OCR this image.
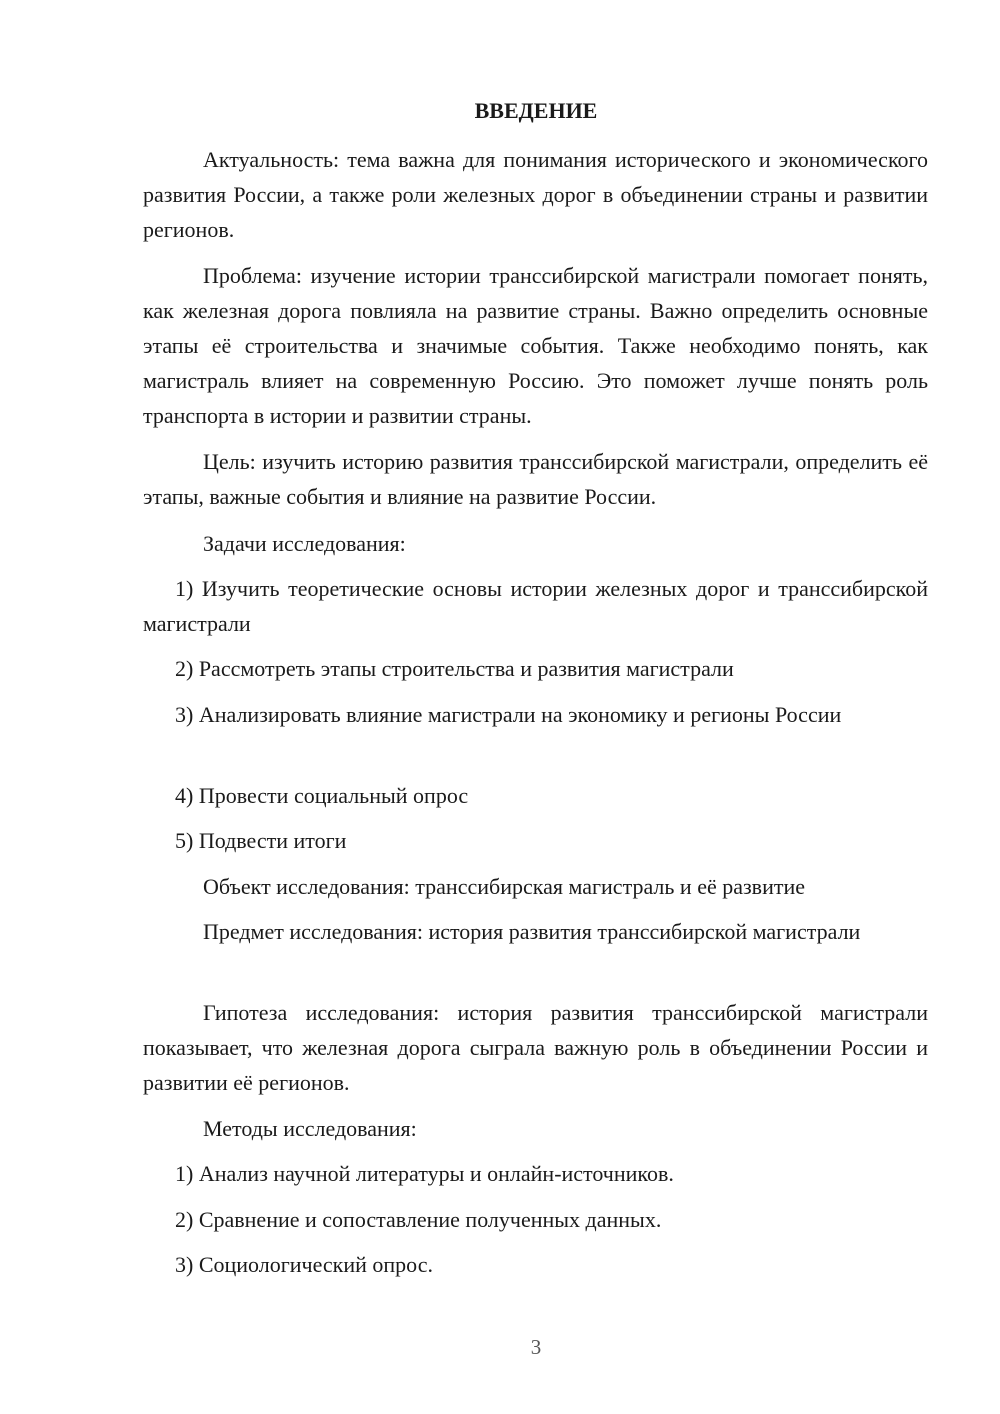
ВВЕДЕНИЕ

Актуальность: тема важна для понимания исторического и экономического развития России, а также роли железных дорог в объединении страны и развитии регионов.

Проблема: изучение истории транссибирской магистрали помогает понять, как железная дорога повлияла на развитие страны. Важно определить основные этапы её строительства и значимые события. Также необходимо понять, как магистраль влияет на современную Россию. Это поможет лучше понять роль транспорта в истории и развитии страны.

Цель: изучить историю развития транссибирской магистрали, определить её этапы, важные события и влияние на развитие России.

Задачи исследования:

1) Изучить теоретические основы истории железных дорог и транссибирской магистрали

2) Рассмотреть этапы строительства и развития магистрали

3) Анализировать влияние магистрали на экономику и регионы России

4) Провести социальный опрос

5) Подвести итоги

Объект исследования: транссибирская магистраль и её развитие

Предмет исследования: история развития транссибирской магистрали

Гипотеза исследования: история развития транссибирской магистрали показывает, что железная дорога сыграла важную роль в объединении России и развитии её регионов.

Методы исследования:

1) Анализ научной литературы и онлайн-источников.

2) Сравнение и сопоставление полученных данных.

3) Социологический опрос.

3
